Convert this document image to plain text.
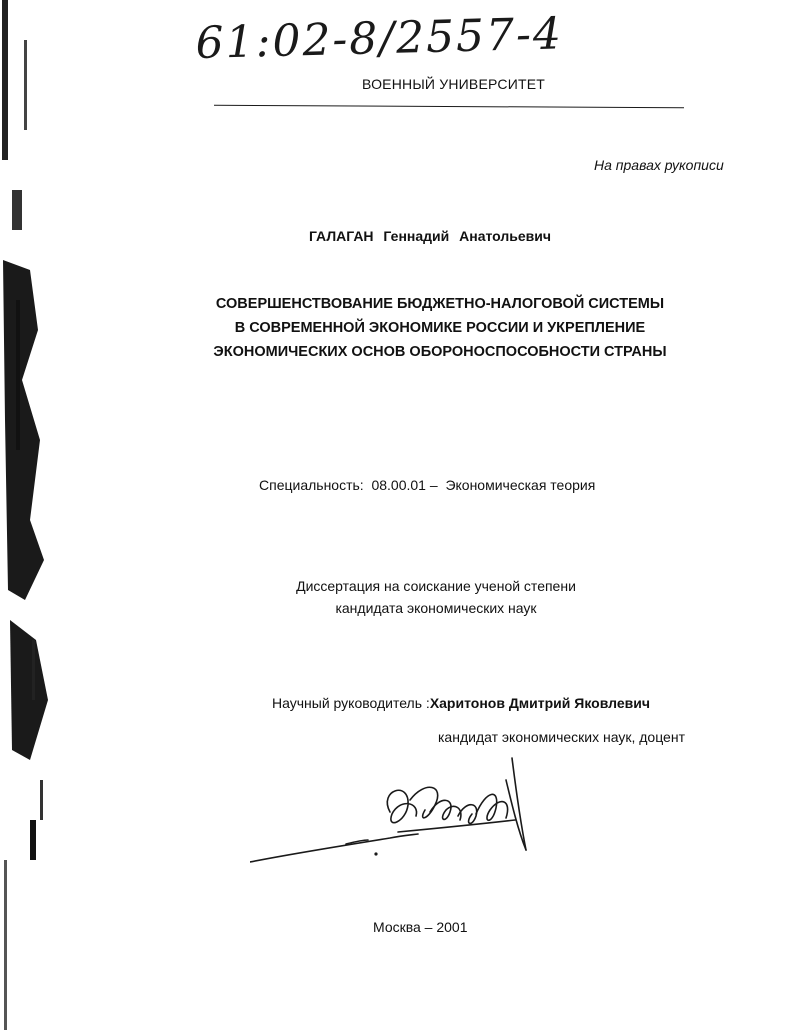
61:02-8/2557-4
ВОЕННЫЙ УНИВЕРСИТЕТ
На правах рукописи
ГАЛАГАН Геннадий Анатольевич
СОВЕРШЕНСТВОВАНИЕ БЮДЖЕТНО-НАЛОГОВОЙ СИСТЕМЫ
В СОВРЕМЕННОЙ ЭКОНОМИКЕ РОССИИ И УКРЕПЛЕНИЕ
ЭКОНОМИЧЕСКИХ ОСНОВ ОБОРОНОСПОСОБНОСТИ СТРАНЫ
Специальность: 08.00.01 – Экономическая теория
Диссертация на соискание ученой степени
кандидата экономических наук
Научный руководитель :Харитонов Дмитрий Яковлевич
кандидат экономических наук, доцент
Москва – 2001
